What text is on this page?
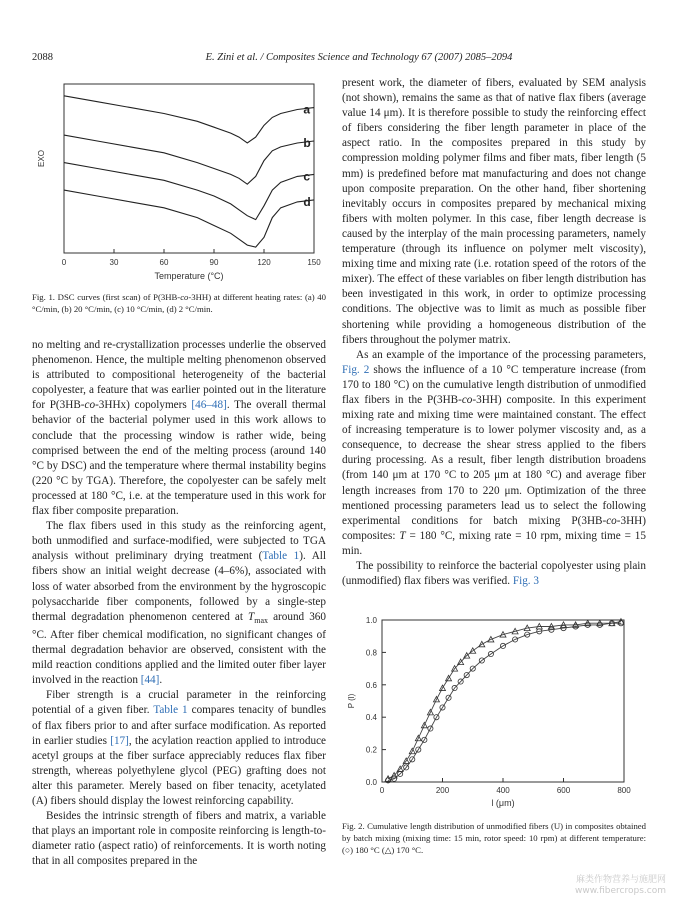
2088	E. Zini et al. / Composites Science and Technology 67 (2007) 2085–2094
0	30	60	90	120	150
Temperature (°C)
EXO
a
b
c
d
Fig. 1. DSC curves (first scan) of P(3HB-co-3HH) at different heating rates: (a) 40 °C/min, (b) 20 °C/min, (c) 10 °C/min, (d) 2 °C/min.

no melting and re-crystallization processes underlie the observed phenomenon. Hence, the multiple melting phenomenon observed is attributed to compositional heterogeneity of the bacterial copolyester, a feature that was earlier pointed out in the literature for P(3HB-co-3HHx) copolymers [46–48]. The overall thermal behavior of the bacterial polymer used in this work allows to conclude that the processing window is rather wide, being comprised between the end of the melting process (around 140 °C by DSC) and the temperature where thermal instability begins (220 °C by TGA). Therefore, the copolyester can be safely melt processed at 180 °C, i.e. at the temperature used in this work for flax fiber composite preparation.

The flax fibers used in this study as the reinforcing agent, both unmodified and surface-modified, were subjected to TGA analysis without preliminary drying treatment (Table 1). All fibers show an initial weight decrease (4–6%), associated with loss of water absorbed from the environment by the hygroscopic polysaccharide fiber components, followed by a single-step thermal degradation phenomenon centered at $T_{max}$ around 360 °C. After fiber chemical modification, no significant changes of thermal degradation behavior are observed, consistent with the mild reaction conditions applied and the limited outer fiber layer involved in the reaction [44].

Fiber strength is a crucial parameter in the reinforcing potential of a given fiber. Table 1 compares tenacity of bundles of flax fibers prior to and after surface modification. As reported in earlier studies [17], the acylation reaction applied to introduce acetyl groups at the fiber surface appreciably reduces flax fiber strength, whereas polyethylene glycol (PEG) grafting does not alter this parameter. Merely based on fiber tenacity, acetylated (A) fibers should display the lowest reinforcing capability.

Besides the intrinsic strength of fibers and matrix, a variable that plays an important role in composite reinforcing is length-to-diameter ratio (aspect ratio) of reinforcements. It is worth noting that in all composites prepared in the

present work, the diameter of fibers, evaluated by SEM analysis (not shown), remains the same as that of native flax fibers (average value 14 μm). It is therefore possible to study the reinforcing effect of fibers considering the fiber length parameter in place of the aspect ratio. In the composites prepared in this study by compression molding polymer films and fiber mats, fiber length (5 mm) is predefined before mat manufacturing and does not change upon composite preparation. On the other hand, fiber shortening inevitably occurs in composites prepared by mechanical mixing fibers with molten polymer. In this case, fiber length decrease is caused by the interplay of the main processing parameters, namely temperature (through its influence on polymer melt viscosity), mixing time and mixing rate (i.e. rotation speed of the rotors of the mixer). The effect of these variables on fiber length distribution has been investigated in this work, in order to optimize processing conditions. The objective was to limit as much as possible fiber shortening while providing a homogeneous distribution of the fibers throughout the polymer matrix.

As an example of the importance of the processing parameters, Fig. 2 shows the influence of a 10 °C temperature increase (from 170 to 180 °C) on the cumulative length distribution of unmodified flax fibers in the P(3HB-co-3HH) composite. In this experiment mixing rate and mixing time were maintained constant. The effect of increasing temperature is to lower polymer viscosity and, as a consequence, to decrease the shear stress applied to the fibers during processing. As a result, fiber length distribution broadens (from 140 μm at 170 °C to 205 μm at 180 °C) and average fiber length increases from 170 to 220 μm. Optimization of the three mentioned processing parameters lead us to select the following experimental conditions for batch mixing P(3HB-co-3HH) composites: T = 180 °C, mixing rate = 10 rpm, mixing time = 15 min.

The possibility to reinforce the bacterial copolyester using plain (unmodified) flax fibers was verified. Fig. 3

0	200	400	600	800
0.0
0.2
0.4
0.6
0.8
1.0
l (μm)
P (l)
Fig. 2. Cumulative length distribution of unmodified fibers (U) in composites obtained by batch mixing (mixing time: 15 min, rotor speed: 10 rpm) at different temperature: (○) 180 °C (△) 170 °C.
麻类作物营养与施肥网
www.fibercrops.com
